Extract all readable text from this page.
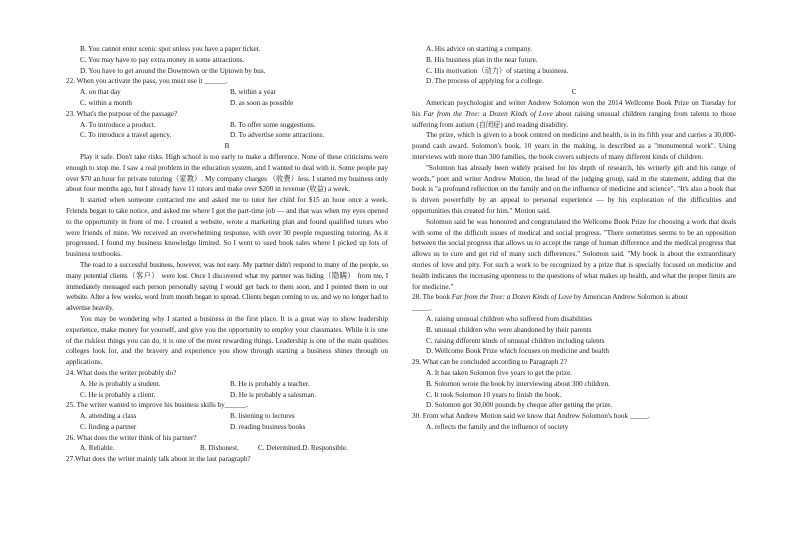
B. You cannot enter scenic spot unless you have a paper ticket.
C. You may have to pay extra money in some attractions.
D. You have to get around the Downtown or the Uptown by bus.
22. When you activate the pass, you must use it ______.
A. on that day	B. within a year
C. within a month	D. as soon as possible
23. What's the purpose of the passage?
A. To introduce a product.	B. To offer some suggestions.
C. To introduce a travel agency.	D. To advertise some attractions.
B

Play it safe. Don't take risks. High school is too early to make a difference. None of these criticisms were enough to stop me. I saw a real problem in the education system, and I wanted to deal with it. Some people pay over $70 an hour for private tutoring（家教）. My company charges （收费）less. I started my business only about four months ago, but I already have 11 tutors and make over $200 in revenue (收益) a week.

It started when someone contacted me and asked me to tutor her child for $15 an hour once a week. Friends began to take notice, and asked me where I got the part-time job — and that was when my eyes opened to the opportunity in front of me. I created a website, wrote a marketing plan and found qualified tutors who were friends of mine. We received an overwhelming response, with over 30 people requesting tutoring. As it progressed, I found my business knowledge limited. So I went to used book sales where I picked up lots of business textbooks.

The road to a successful business, however, was not easy. My partner didn't respond to many of the people, so many potential clients（客户） were lost. Once I discovered what my partner was hiding（隐瞒） from me, I immediately messaged each person personally saying I would get back to them soon, and I pointed them to our website. After a few weeks, word from mouth began to spread. Clients began coming to us, and we no longer had to advertise heavily.

You may be wondering why I started a business in the first place. It is a great way to show leadership experience, make money for yourself, and give you the opportunity to employ your classmates. While it is one of the riskiest things you can do, it is one of the most rewarding things. Leadership is one of the main qualities colleges look for, and the bravery and experience you show through starting a business shines through on applications.

24. What does the writer probably do?
A. He is probably a student.	B. He is probably a teacher.
C. He is probably a client.	D. He is probably a salesman.
25. The writer wanted to improve his business skills by______.
A. attending a class	B. listening to lectures
C. finding a partner	D. reading business books
26. What does the writer think of his partner?
A. Reliable.	B. Dishonest.	C. Determined. D. Responsible.
27.What does the writer mainly talk about in the last paragraph?
A. His advice on starting a company.
B. His business plan in the near future.
C. His motivation（动力）of starting a business.
D. The process of applying for a college.
C

American psychologist and writer Andrew Solomon won the 2014 Wellcome Book Prize on Tuesday for his Far from the Tree: a Dozen Kinds of Love about raising unusual children ranging from talents to those suffering from autism (自闭症) and reading disability.

The prize, which is given to a book centred on medicine and health, is in its fifth year and carries a 30,000-pound cash award. Solomon's book, 10 years in the making, is described as a "monumental work". Using interviews with more than 300 families, the book covers subjects of many different kinds of children.

"Solomon has already been widely praised for his depth of research, his writerly gift and his range of words," poet and writer Andrew Motion, the head of the judging group, said in the statement, adding that the book is "a profound reflection on the family and on the influence of medicine and science". "It's also a book that is driven powerfully by an appeal to personal experience — by his exploration of the difficulties and opportunities this created for him." Motion said.

Solomon said he was honoured and congratulated the Wellcome Book Prize for choosing a work that deals with some of the difficult issues of medical and social progress. "There sometimes seems to be an opposition between the social progress that allows us to accept the range of human difference and the medical progress that allows us to cure and get rid of many such differences." Solomon said. "My book is about the extraordinary stories of love and pity. For such a work to be recognized by a prize that is specially focused on medicine and health indicates the increasing openness to the questions of what makes up health, and what the proper limits are for medicine."

28. The book Far from the Tree: a Dozen Kinds of Love by American Andrew Solomon is about
_____.
A. raising unusual children who suffered from disabilities
B. unusual children who were abandoned by their parents
C. raising different kinds of unusual children including talents
D. Wellcome Book Prize which focuses on medicine and health
29. What can be concluded according to Paragraph 2?
A. It has taken Solomon five years to get the prize.
B. Solomon wrote the book by interviewing about 300 children.
C. It took Solomon 10 years to finish the book.
D. Solomon got 30,000 pounds by cheque after getting the prize.
30. From what Andrew Motion said we know that Andrew Solomon's book _____.
A. reflects the family and the influence of society
